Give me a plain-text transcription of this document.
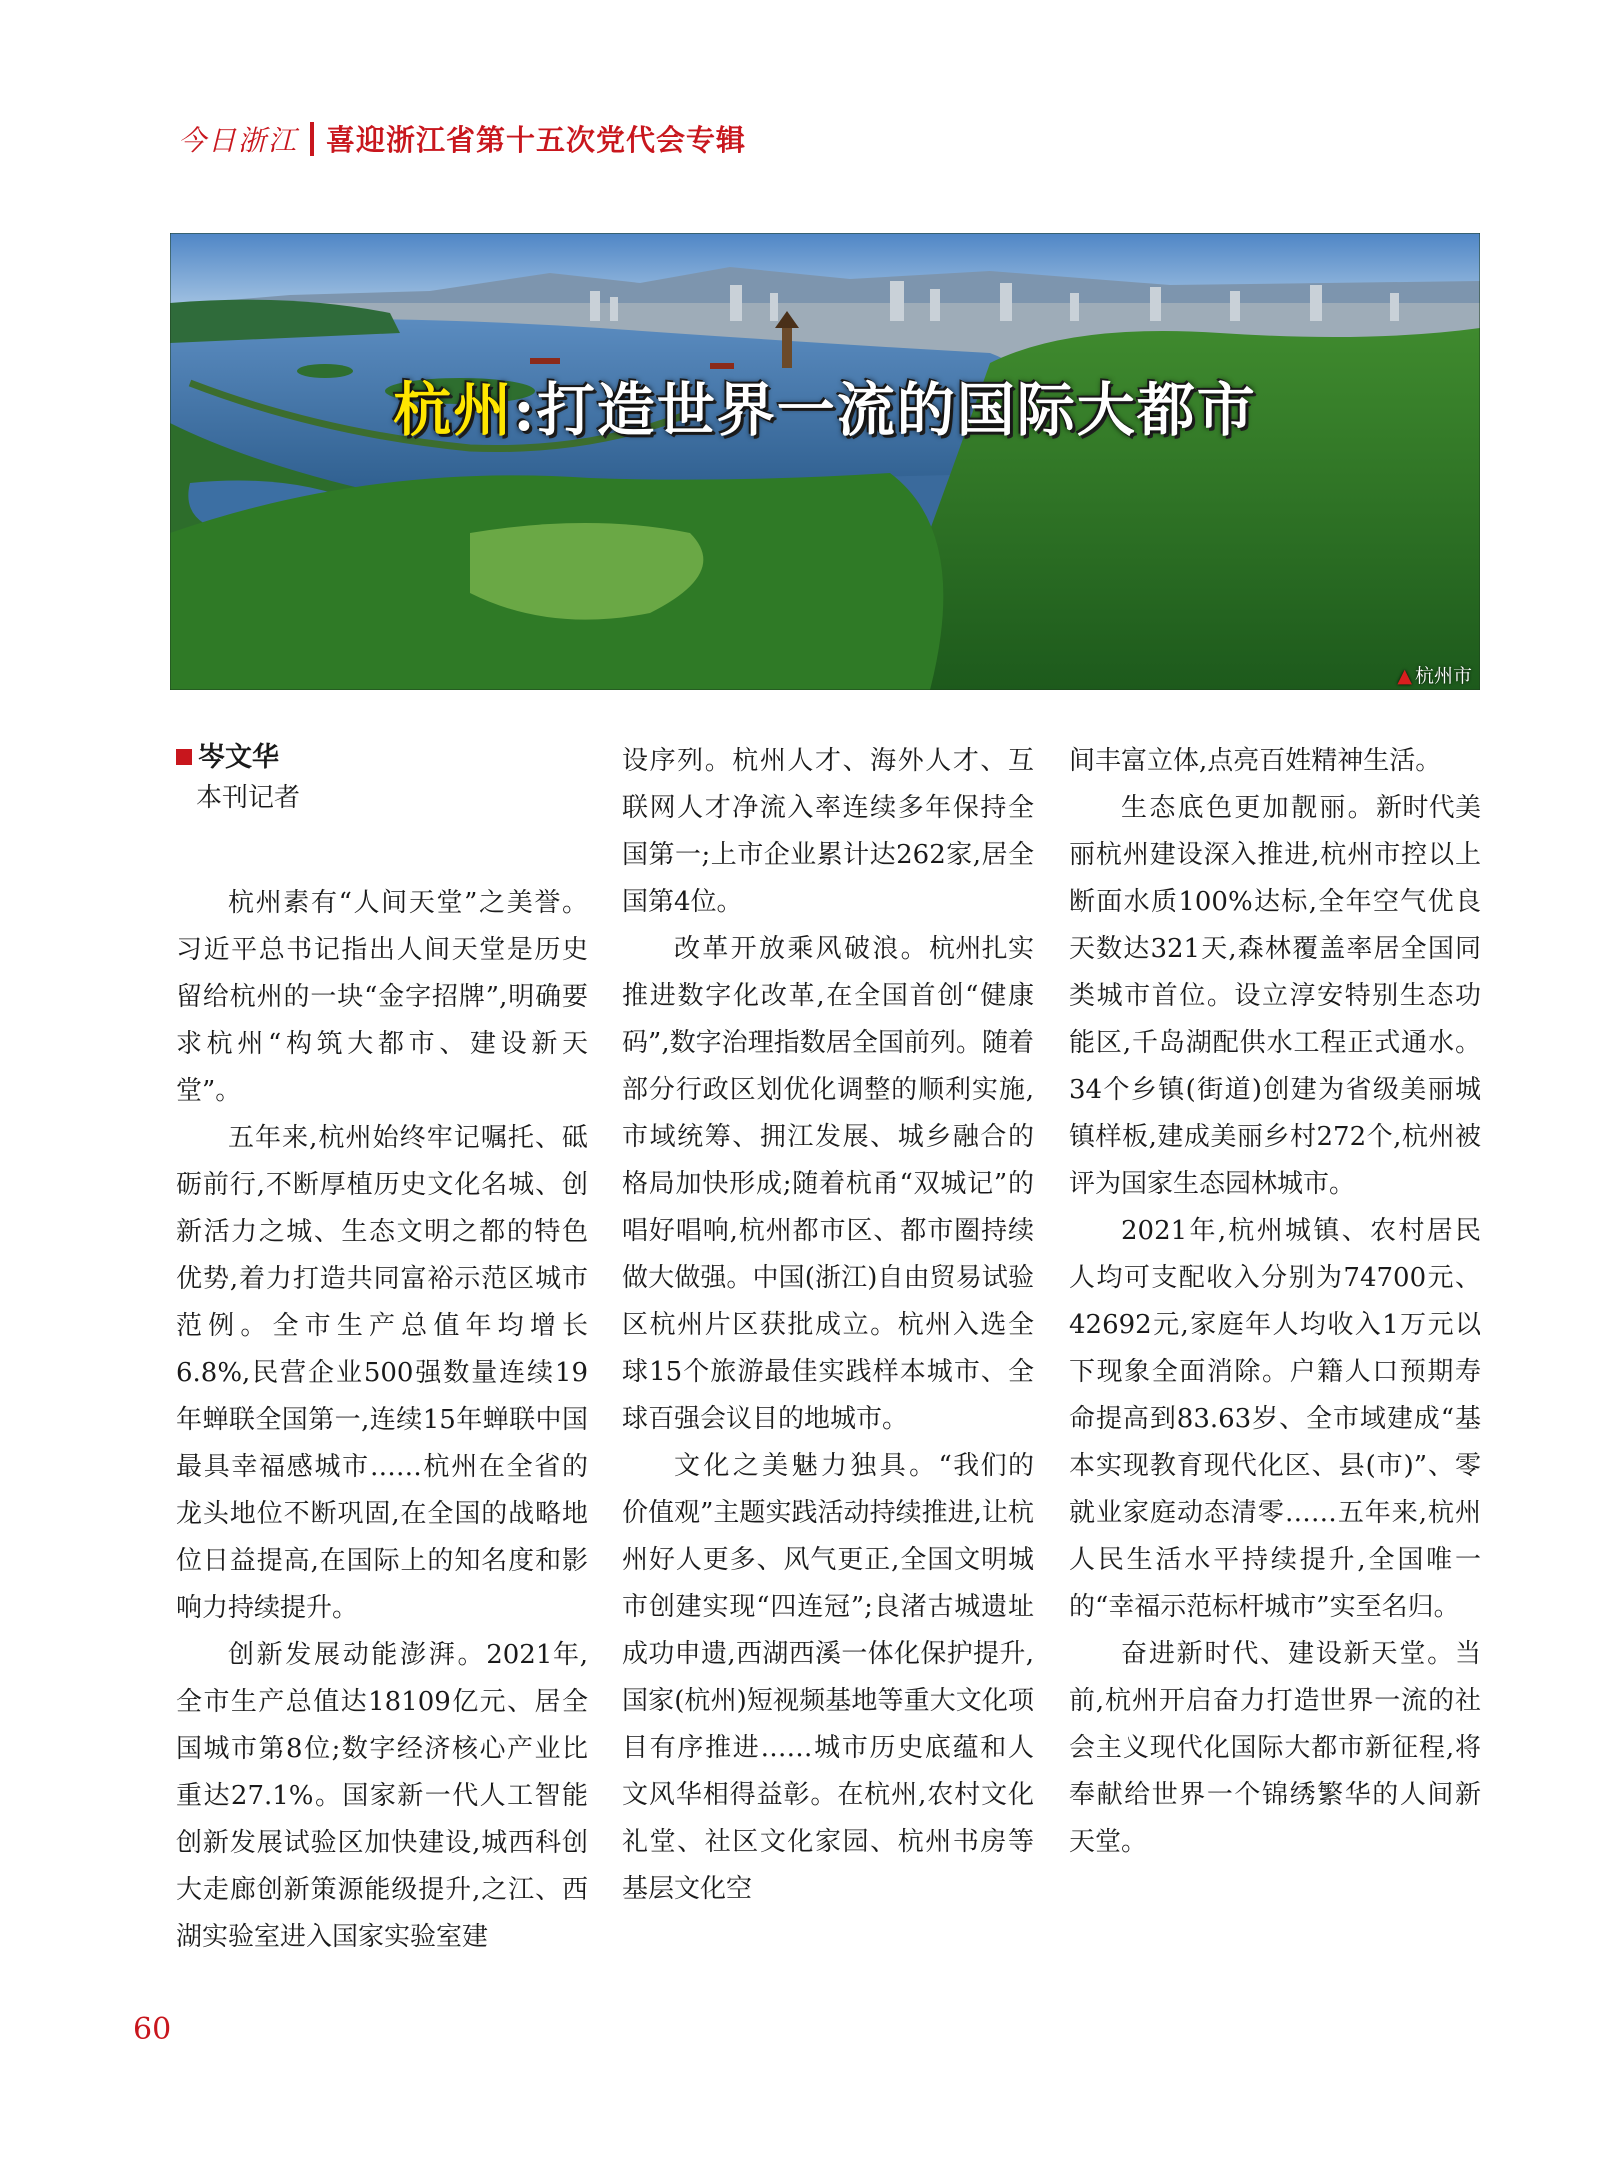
今日浙江 喜迎浙江省第十五次党代会专辑
杭州:打造世界一流的国际大都市
▲ 杭州市
岑文华
本刊记者

杭州素有“人间天堂”之美誉。习近平总书记指出人间天堂是历史留给杭州的一块“金字招牌”,明确要求杭州“构筑大都市、建设新天堂”。

五年来,杭州始终牢记嘱托、砥砺前行,不断厚植历史文化名城、创新活力之城、生态文明之都的特色优势,着力打造共同富裕示范区城市范例。全市生产总值年均增长6.8%,民营企业500强数量连续19年蝉联全国第一,连续15年蝉联中国最具幸福感城市……杭州在全省的龙头地位不断巩固,在全国的战略地位日益提高,在国际上的知名度和影响力持续提升。

创新发展动能澎湃。2021年,全市生产总值达18109亿元、居全国城市第8位;数字经济核心产业比重达27.1%。国家新一代人工智能创新发展试验区加快建设,城西科创大走廊创新策源能级提升,之江、西湖实验室进入国家实验室建

设序列。杭州人才、海外人才、互联网人才净流入率连续多年保持全国第一;上市企业累计达262家,居全国第4位。

改革开放乘风破浪。杭州扎实推进数字化改革,在全国首创“健康码”,数字治理指数居全国前列。随着部分行政区划优化调整的顺利实施,市域统筹、拥江发展、城乡融合的格局加快形成;随着杭甬“双城记”的唱好唱响,杭州都市区、都市圈持续做大做强。中国(浙江)自由贸易试验区杭州片区获批成立。杭州入选全球15个旅游最佳实践样本城市、全球百强会议目的地城市。

文化之美魅力独具。“我们的价值观”主题实践活动持续推进,让杭州好人更多、风气更正,全国文明城市创建实现“四连冠”;良渚古城遗址成功申遗,西湖西溪一体化保护提升,国家(杭州)短视频基地等重大文化项目有序推进……城市历史底蕴和人文风华相得益彰。在杭州,农村文化礼堂、社区文化家园、杭州书房等基层文化空

间丰富立体,点亮百姓精神生活。

生态底色更加靓丽。新时代美丽杭州建设深入推进,杭州市控以上断面水质100%达标,全年空气优良天数达321天,森林覆盖率居全国同类城市首位。设立淳安特别生态功能区,千岛湖配供水工程正式通水。34个乡镇(街道)创建为省级美丽城镇样板,建成美丽乡村272个,杭州被评为国家生态园林城市。

2021年,杭州城镇、农村居民人均可支配收入分别为74700元、42692元,家庭年人均收入1万元以下现象全面消除。户籍人口预期寿命提高到83.63岁、全市域建成“基本实现教育现代化区、县(市)”、零就业家庭动态清零……五年来,杭州人民生活水平持续提升,全国唯一的“幸福示范标杆城市”实至名归。

奋进新时代、建设新天堂。当前,杭州开启奋力打造世界一流的社会主义现代化国际大都市新征程,将奉献给世界一个锦绣繁华的人间新天堂。

60
